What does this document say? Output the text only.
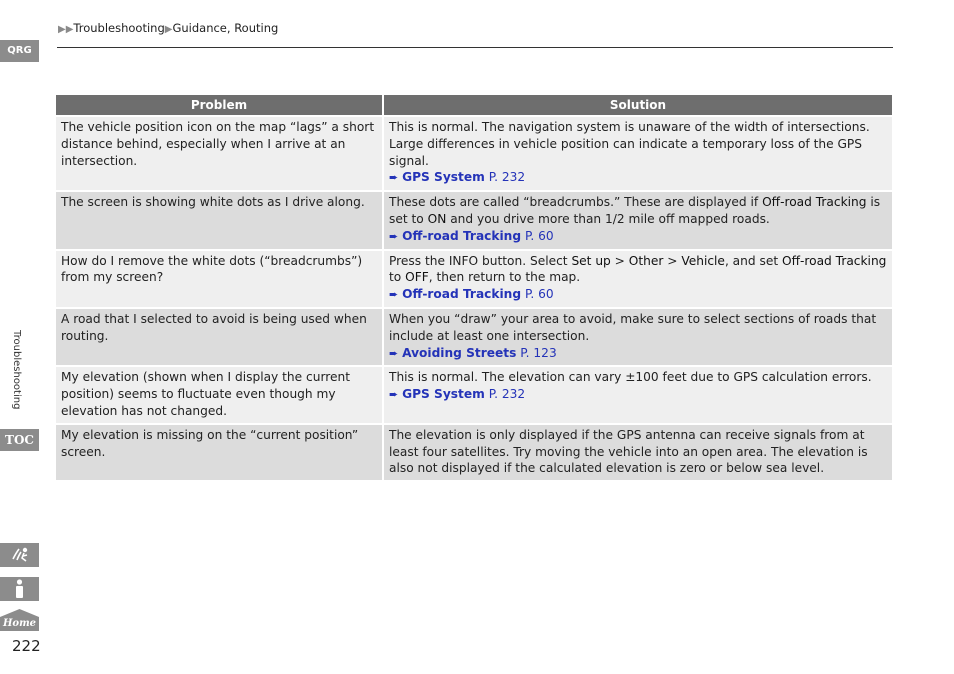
▶▶Troubleshooting▶Guidance, Routing
QRG
Troubleshooting
TOC
Home
222
Problem	Solution
The vehicle position icon on the map “lags” a short distance behind, especially when I arrive at an intersection.	This is normal. The navigation system is unaware of the width of intersections. Large differences in vehicle position can indicate a temporary loss of the GPS signal.
➨ GPS System P. 232
The screen is showing white dots as I drive along.	These dots are called “breadcrumbs.” These are displayed if Off-road Tracking is set to ON and you drive more than 1/2 mile off mapped roads.
➨ Off-road Tracking P. 60
How do I remove the white dots (“breadcrumbs”) from my screen?	Press the INFO button. Select Set up > Other > Vehicle, and set Off-road Tracking to OFF, then return to the map.
➨ Off-road Tracking P. 60
A road that I selected to avoid is being used when routing.	When you “draw” your area to avoid, make sure to select sections of roads that include at least one intersection.
➨ Avoiding Streets P. 123
My elevation (shown when I display the current position) seems to fluctuate even though my elevation has not changed.	This is normal. The elevation can vary ±100 feet due to GPS calculation errors.
➨ GPS System P. 232
My elevation is missing on the “current position” screen.	The elevation is only displayed if the GPS antenna can receive signals from at least four satellites. Try moving the vehicle into an open area. The elevation is also not displayed if the calculated elevation is zero or below sea level.
